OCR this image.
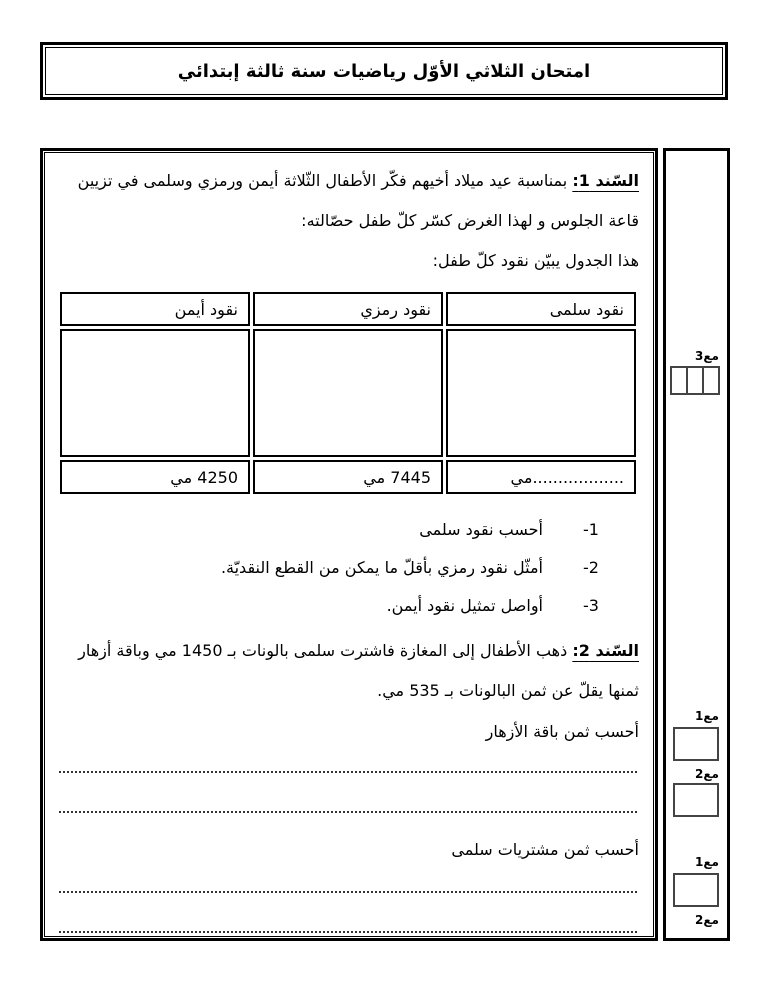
امتحان الثلاثي الأوّل رياضيات سنة ثالثة إبتدائي
السّند 1: بمناسبة عيد ميلاد أخيهم فكّر الأطفال الثّلاثة أيمن ورمزي وسلمى في تزيين
قاعة الجلوس و لهذا الغرض كسّر كلّ طفل حصّالته:
هذا الجدول يبيّن نقود كلّ طفل:
نقود سلمى	نقود رمزي	نقود أيمن

..................مي	7445 مي	4250 مي
-1أحسب نقود سلمى
-2أمثّل نقود رمزي بأقلّ ما يمكن من القطع النقديّة.
-3أواصل تمثيل نقود أيمن.
السّند 2: ذهب الأطفال إلى المغازة فاشترت سلمى بالونات بـ 1450 مي وباقة أزهار
ثمنها يقلّ عن ثمن البالونات بـ 535 مي.
أحسب ثمن باقة الأزهار
أحسب ثمن مشتريات سلمى
مع3
مع1
مع2
مع1
مع2
